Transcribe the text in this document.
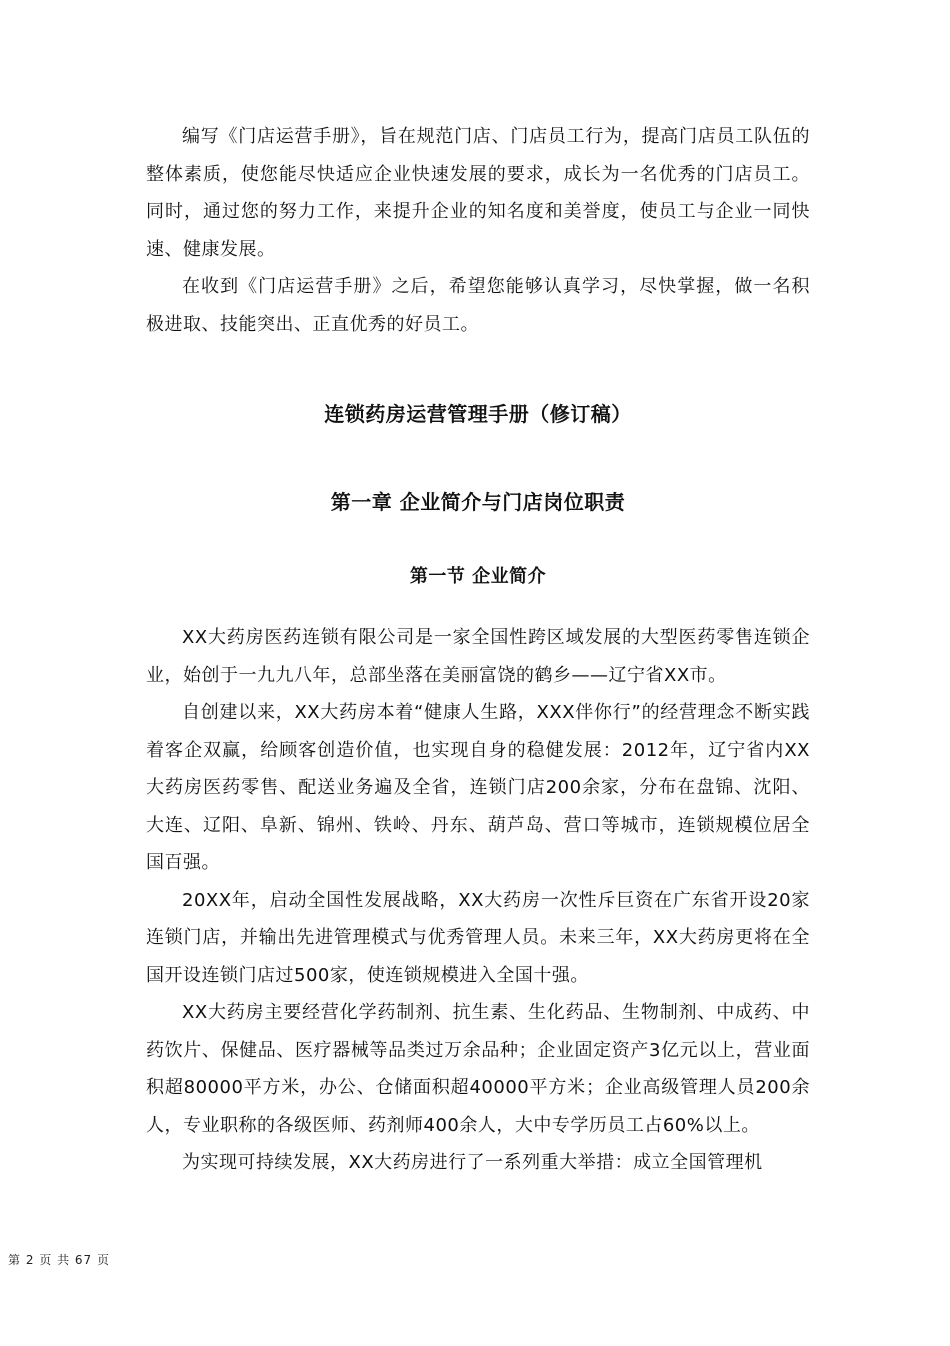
编写《门店运营手册》，旨在规范门店、门店员工行为，提高门店员工队伍的整体素质，使您能尽快适应企业快速发展的要求，成长为一名优秀的门店员工。同时，通过您的努力工作，来提升企业的知名度和美誉度，使员工与企业一同快速、健康发展。

在收到《门店运营手册》之后，希望您能够认真学习，尽快掌握，做一名积极进取、技能突出、正直优秀的好员工。

连锁药房运营管理手册（修订稿）
第一章 企业简介与门店岗位职责
第一节 企业简介

XX大药房医药连锁有限公司是一家全国性跨区域发展的大型医药零售连锁企业，始创于一九九八年，总部坐落在美丽富饶的鹤乡——辽宁省XX市。

自创建以来，XX大药房本着“健康人生路，XXX伴你行”的经营理念不断实践着客企双赢，给顾客创造价值，也实现自身的稳健发展：2012年，辽宁省内XX大药房医药零售、配送业务遍及全省，连锁门店200余家，分布在盘锦、沈阳、大连、辽阳、阜新、锦州、铁岭、丹东、葫芦岛、营口等城市，连锁规模位居全国百强。

20XX年，启动全国性发展战略，XX大药房一次性斥巨资在广东省开设20家连锁门店，并输出先进管理模式与优秀管理人员。未来三年，XX大药房更将在全国开设连锁门店过500家，使连锁规模进入全国十强。

XX大药房主要经营化学药制剂、抗生素、生化药品、生物制剂、中成药、中药饮片、保健品、医疗器械等品类过万余品种；企业固定资产3亿元以上，营业面积超80000平方米，办公、仓储面积超40000平方米；企业高级管理人员200余人，专业职称的各级医师、药剂师400余人，大中专学历员工占60%以上。

为实现可持续发展，XX大药房进行了一系列重大举措：成立全国管理机

第 2 页 共 67 页
